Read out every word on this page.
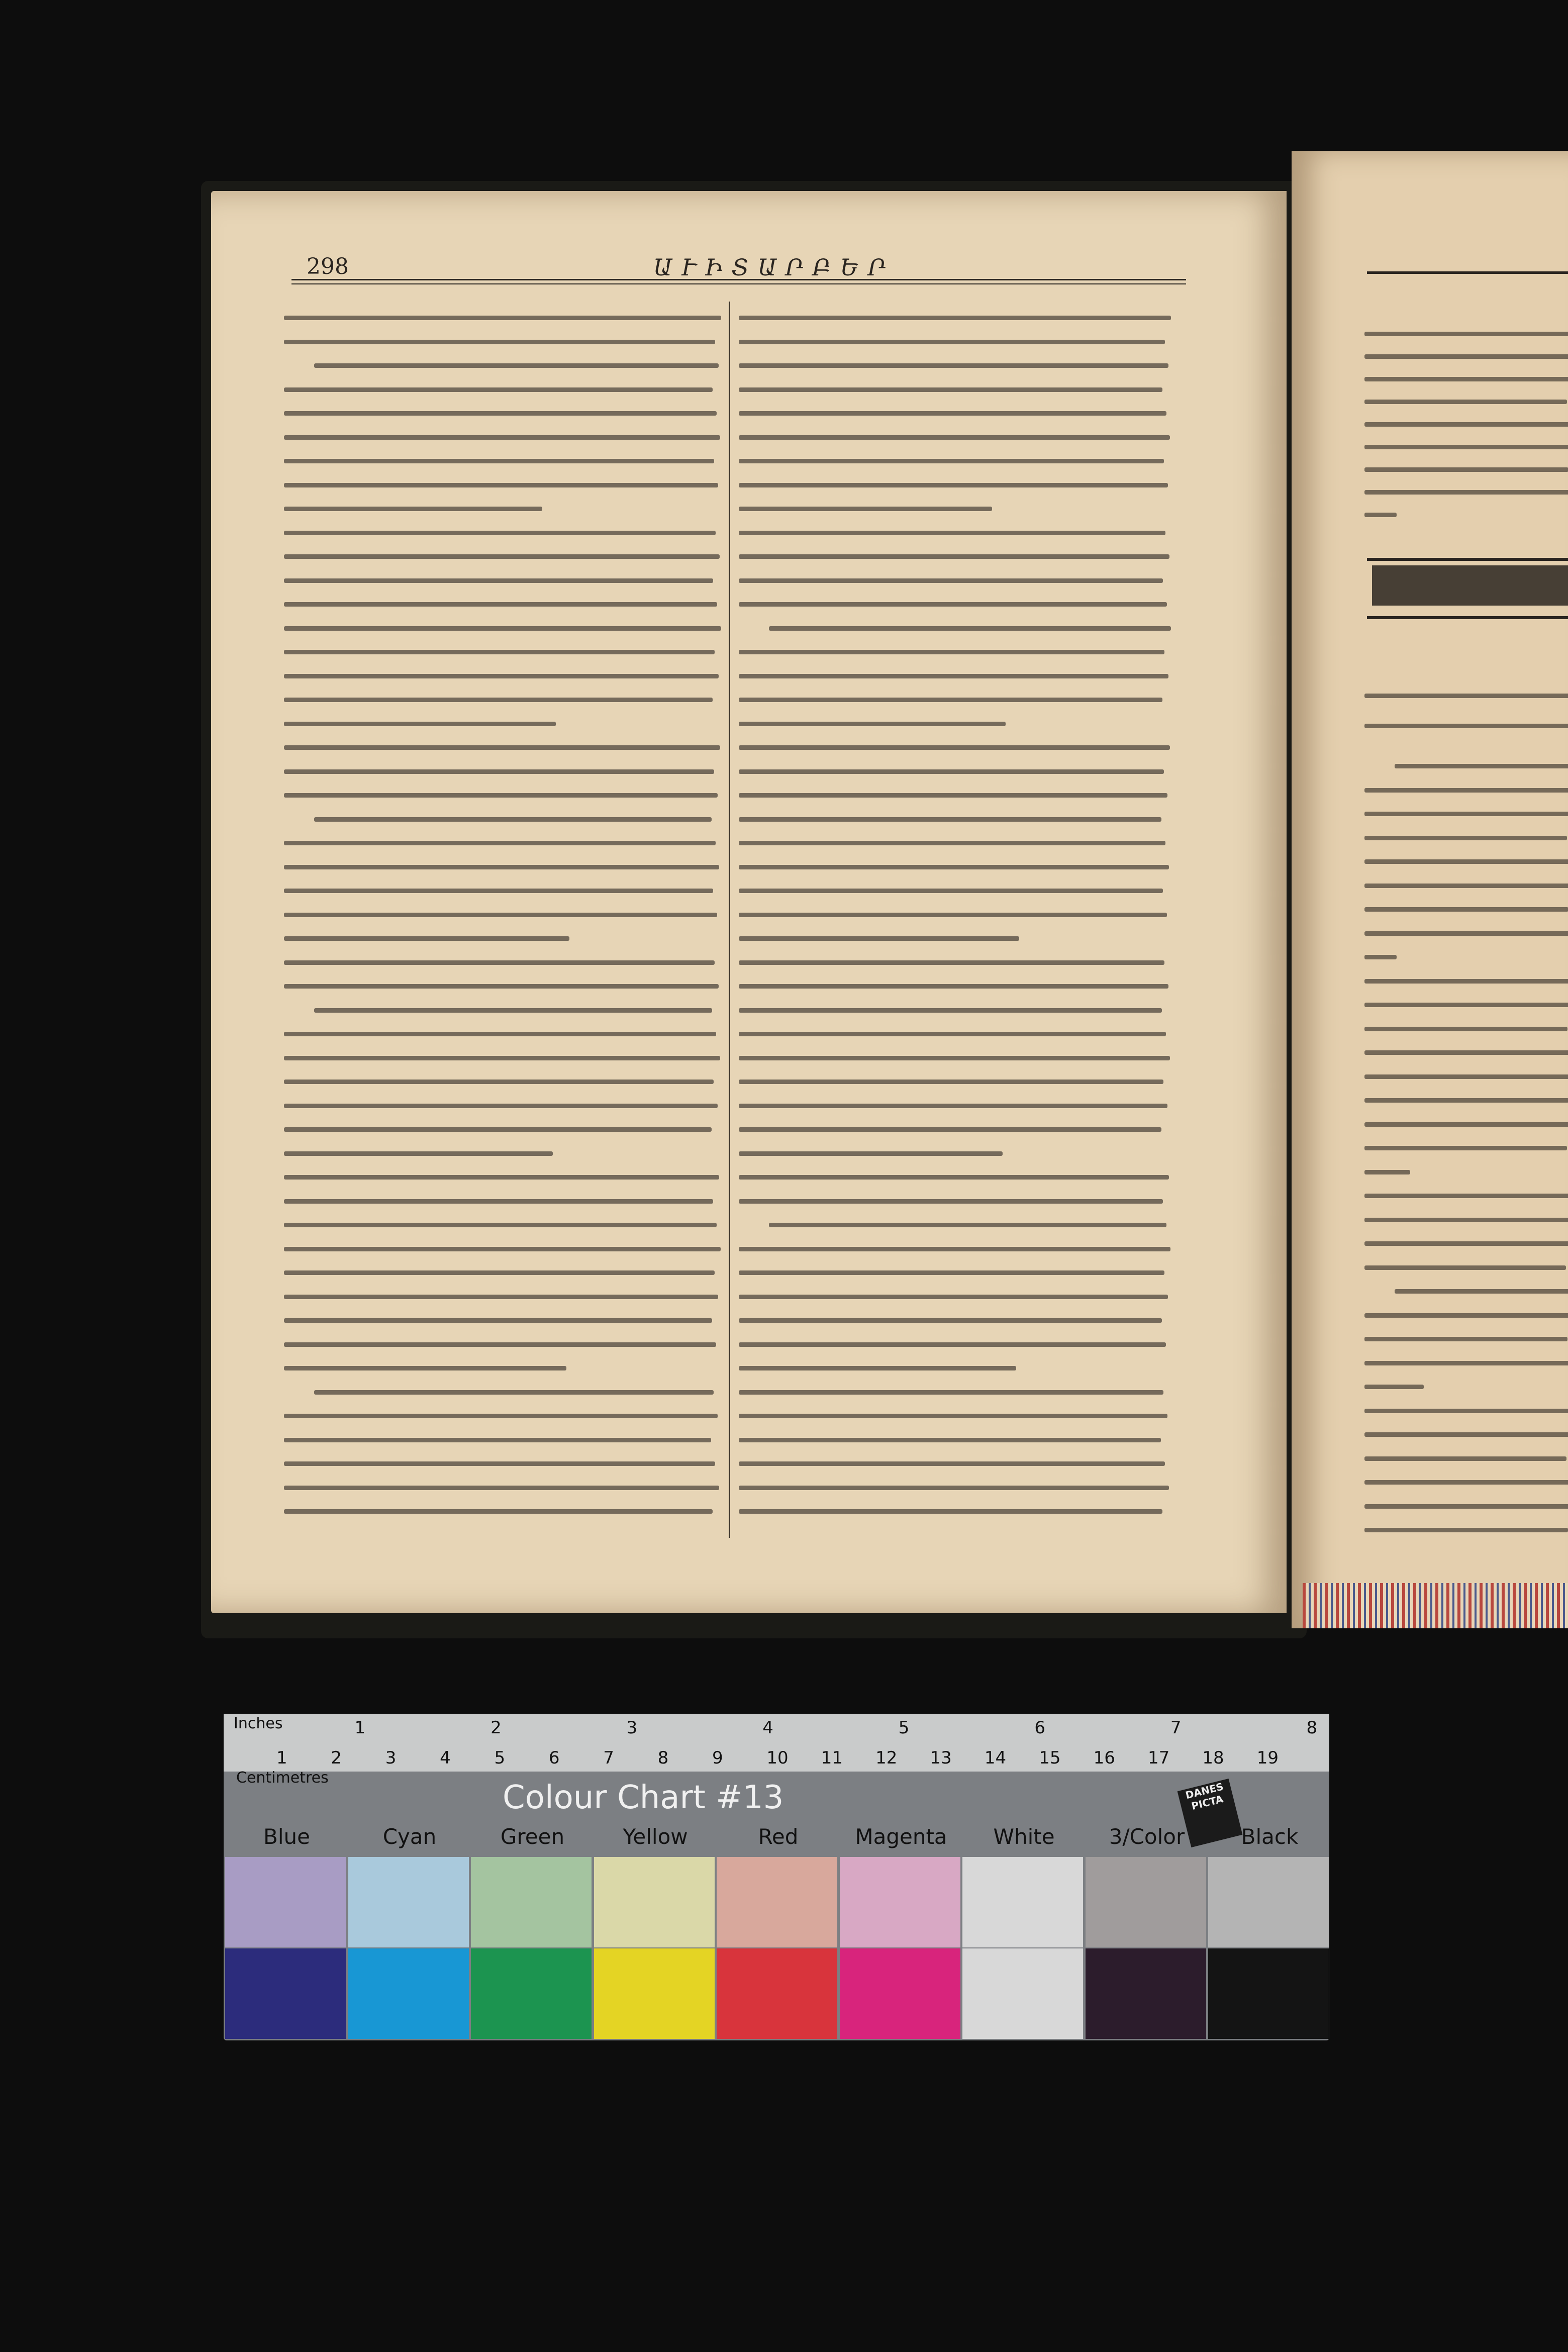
298	ԱՒԻՏԱՐԲԵՐ
Inches
Centimetres
1	2	3	4	5	6	7	8
1	2	3	4	5	6	7	8	9	10 11 12 13 14 15 16 17 18 19
Colour Chart #13	DANES PICTA
Blue	Cyan	Green	Yellow	Red	Magenta	White	3/Color	Black
